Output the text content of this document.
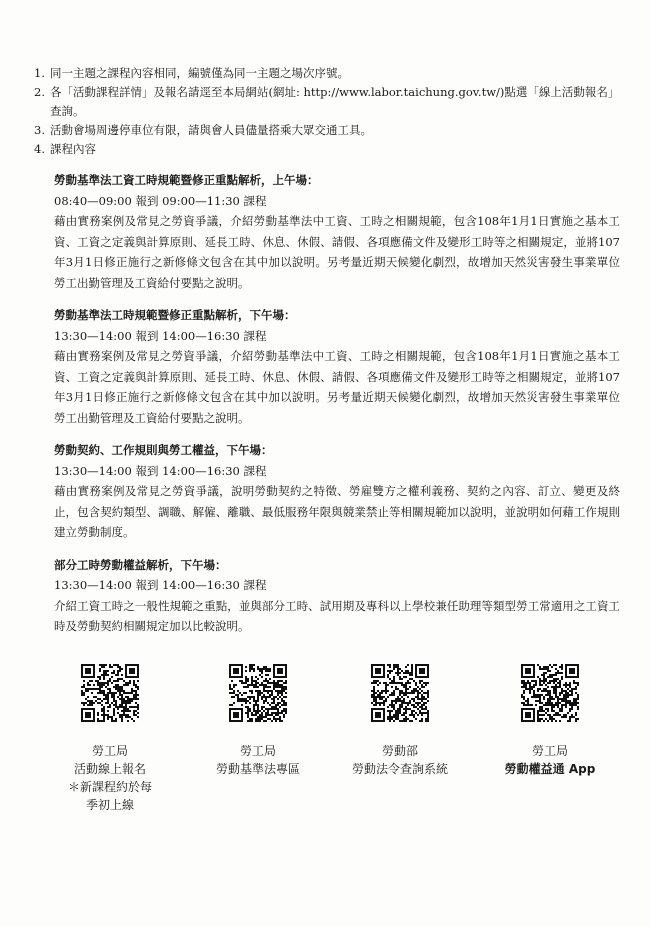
1. 同一主題之課程內容相同，編號僅為同一主題之場次序號。
2. 各「活動課程詳情」及報名請逕至本局網站(網址: http://www.labor.taichung.gov.tw/)點選「線上活動報名」查詢。
3. 活動會場周邊停車位有限，請與會人員儘量搭乘大眾交通工具。
4. 課程內容
勞動基準法工資工時規範暨修正重點解析，上午場：
08:40—09:00 報到 09:00—11:30 課程
藉由實務案例及常見之勞資爭議，介紹勞動基準法中工資、工時之相關規範，包含108年1月1日實施之基本工資、工資之定義與計算原則、延長工時、休息、休假、請假、各項應備文件及變形工時等之相關規定，並將107年3月1日修正施行之新修條文包含在其中加以說明。另考量近期天候變化劇烈，故增加天然災害發生事業單位勞工出勤管理及工資給付要點之說明。
勞動基準法工時規範暨修正重點解析，下午場：
13:30—14:00 報到 14:00—16:30 課程
藉由實務案例及常見之勞資爭議，介紹勞動基準法中工資、工時之相關規範，包含108年1月1日實施之基本工資、工資之定義與計算原則、延長工時、休息、休假、請假、各項應備文件及變形工時等之相關規定，並將107年3月1日修正施行之新修條文包含在其中加以說明。另考量近期天候變化劇烈，故增加天然災害發生事業單位勞工出勤管理及工資給付要點之說明。
勞動契約、工作規則與勞工權益，下午場：
13:30—14:00 報到 14:00—16:30 課程
藉由實務案例及常見之勞資爭議，說明勞動契約之特徵、勞雇雙方之權利義務、契約之內容、訂立、變更及終止，包含契約類型、調職、解僱、離職、最低服務年限與競業禁止等相關規範加以說明，並說明如何藉工作規則建立勞動制度。
部分工時勞動權益解析，下午場：
13:30—14:00 報到 14:00—16:30 課程
介紹工資工時之一般性規範之重點，並與部分工時、試用期及專科以上學校兼任助理等類型勞工常適用之工資工時及勞動契約相關規定加以比較說明。
勞工局
活動線上報名
＊新課程約於每
季初上線
勞工局
勞動基準法專區
勞動部
勞動法令查詢系統
勞工局
勞動權益通 App
